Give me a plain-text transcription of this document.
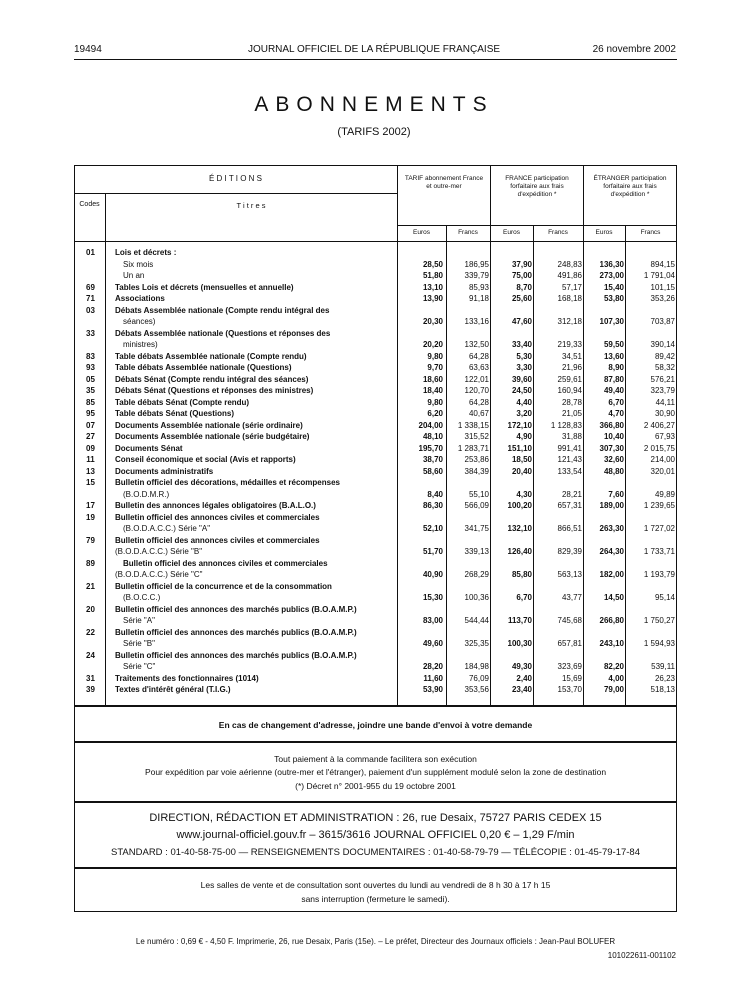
19494	JOURNAL OFFICIEL DE LA RÉPUBLIQUE FRANÇAISE	26 novembre 2002
ABONNEMENTS
(TARIFS 2002)
É D I T I O N S
Codes	T i t r e s
TARIF abonnement France et outre-mer
FRANCE participation forfaitaire aux frais d'expédition *
ÉTRANGER participation forfaitaire aux frais d'expédition *
Euros	Francs	Euros	Francs	Euros	Francs
01	Lois et décrets :
Six mois	28,50	186,95	37,90	248,83	136,30	894,15
Un an	51,80	339,79	75,00	491,86	273,00	1 791,04
69	Tables Lois et décrets (mensuelles et annuelle)	13,10	85,93	8,70	57,17	15,40	101,15
71	Associations	13,90	91,18	25,60	168,18	53,80	353,26
03	Débats Assemblée nationale (Compte rendu intégral des
séances)	20,30	133,16	47,60	312,18	107,30	703,87
33	Débats Assemblée nationale (Questions et réponses des
ministres)	20,20	132,50	33,40	219,33	59,50	390,14
83	Table débats Assemblée nationale (Compte rendu)	9,80	64,28	5,30	34,51	13,60	89,42
93	Table débats Assemblée nationale (Questions)	9,70	63,63	3,30	21,96	8,90	58,32
05	Débats Sénat (Compte rendu intégral des séances)	18,60	122,01	39,60	259,61	87,80	576,21
35	Débats Sénat (Questions et réponses des ministres)	18,40	120,70	24,50	160,94	49,40	323,79
85	Table débats Sénat (Compte rendu)	9,80	64,28	4,40	28,78	6,70	44,11
95	Table débats Sénat (Questions)	6,20	40,67	3,20	21,05	4,70	30,90
07	Documents Assemblée nationale (série ordinaire)	204,00	1 338,15	172,10	1 128,83	366,80	2 406,27
27	Documents Assemblée nationale (série budgétaire)	48,10	315,52	4,90	31,88	10,40	67,93
09	Documents Sénat	195,70	1 283,71	151,10	991,41	307,30	2 015,75
11	Conseil économique et social (Avis et rapports)	38,70	253,86	18,50	121,43	32,60	214,00
13	Documents administratifs	58,60	384,39	20,40	133,54	48,80	320,01
15	Bulletin officiel des décorations, médailles et récompenses
(B.O.D.M.R.)	8,40	55,10	4,30	28,21	7,60	49,89
17	Bulletin des annonces légales obligatoires (B.A.L.O.)	86,30	566,09	100,20	657,31	189,00	1 239,65
19	Bulletin officiel des annonces civiles et commerciales
(B.O.D.A.C.C.) Série "A"	52,10	341,75	132,10	866,51	263,30	1 727,02
79	Bulletin officiel des annonces civiles et commerciales
(B.O.D.A.C.C.) Série "B"	51,70	339,13	126,40	829,39	264,30	1 733,71
89	Bulletin officiel des annonces civiles et commerciales
(B.O.D.A.C.C.) Série "C"	40,90	268,29	85,80	563,13	182,00	1 193,79
21	Bulletin officiel de la concurrence et de la consommation
(B.O.C.C.)	15,30	100,36	6,70	43,77	14,50	95,14
20	Bulletin officiel des annonces des marchés publics (B.O.A.M.P.)
Série "A"	83,00	544,44	113,70	745,68	266,80	1 750,27
22	Bulletin officiel des annonces des marchés publics (B.O.A.M.P.)
Série "B"	49,60	325,35	100,30	657,81	243,10	1 594,93
24	Bulletin officiel des annonces des marchés publics (B.O.A.M.P.)
Série "C"	28,20	184,98	49,30	323,69	82,20	539,11
31	Traitements des fonctionnaires (1014)	11,60	76,09	2,40	15,69	4,00	26,23
39	Textes d'intérêt général (T.I.G.)	53,90	353,56	23,40	153,70	79,00	518,13
En cas de changement d'adresse, joindre une bande d'envoi à votre demande
Tout paiement à la commande facilitera son exécution
Pour expédition par voie aérienne (outre-mer et l'étranger), paiement d'un supplément modulé selon la zone de destination
(*) Décret n° 2001-955 du 19 octobre 2001
DIRECTION, RÉDACTION ET ADMINISTRATION : 26, rue Desaix, 75727 PARIS CEDEX 15
www.journal-officiel.gouv.fr – 3615/3616 JOURNAL OFFICIEL 0,20 € – 1,29 F/min
STANDARD : 01-40-58-75-00 — RENSEIGNEMENTS DOCUMENTAIRES : 01-40-58-79-79 — TÉLÉCOPIE : 01-45-79-17-84
Les salles de vente et de consultation sont ouvertes du lundi au vendredi de 8 h 30 à 17 h 15
sans interruption (fermeture le samedi).
Le numéro : 0,69 € - 4,50 F. Imprimerie, 26, rue Desaix, Paris (15e). – Le préfet, Directeur des Journaux officiels : Jean-Paul BOLUFER
101022611-001102
